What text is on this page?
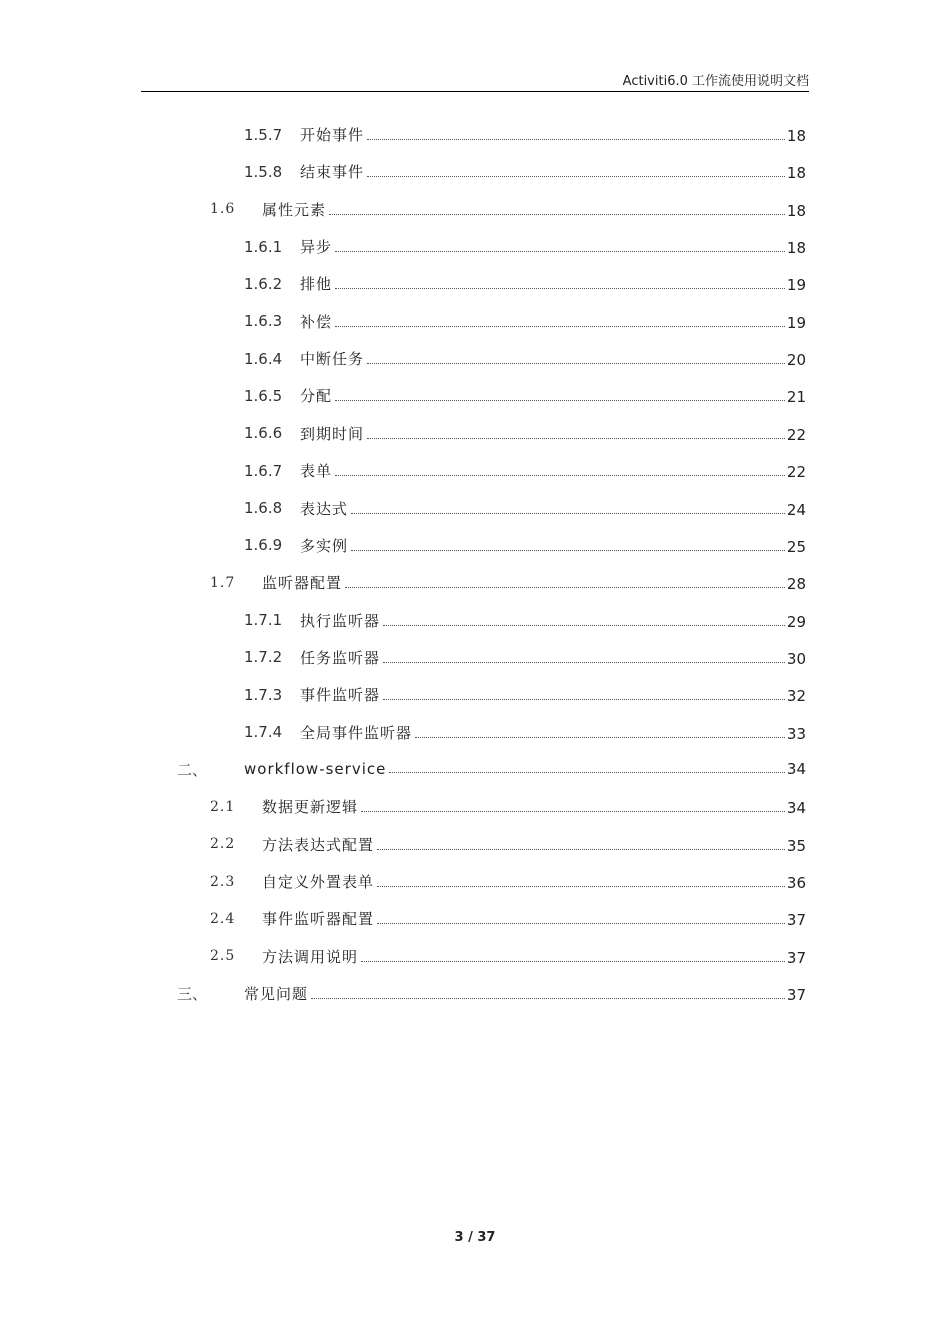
Activiti6.0 工作流使用说明文档
1.5.7 开始事件	18
1.5.8 结束事件	18
1.6 属性元素	18
1.6.1 异步	18
1.6.2 排他	19
1.6.3 补偿	19
1.6.4 中断任务	20
1.6.5 分配	21
1.6.6 到期时间	22
1.6.7 表单	22
1.6.8 表达式	24
1.6.9 多实例	25
1.7 监听器配置	28
1.7.1 执行监听器	29
1.7.2 任务监听器	30
1.7.3 事件监听器	32
1.7.4 全局事件监听器	33
二、 workflow-service	34
2.1 数据更新逻辑	34
2.2 方法表达式配置	35
2.3 自定义外置表单	36
2.4 事件监听器配置	37
2.5 方法调用说明	37
三、 常见问题	37
3 / 37
